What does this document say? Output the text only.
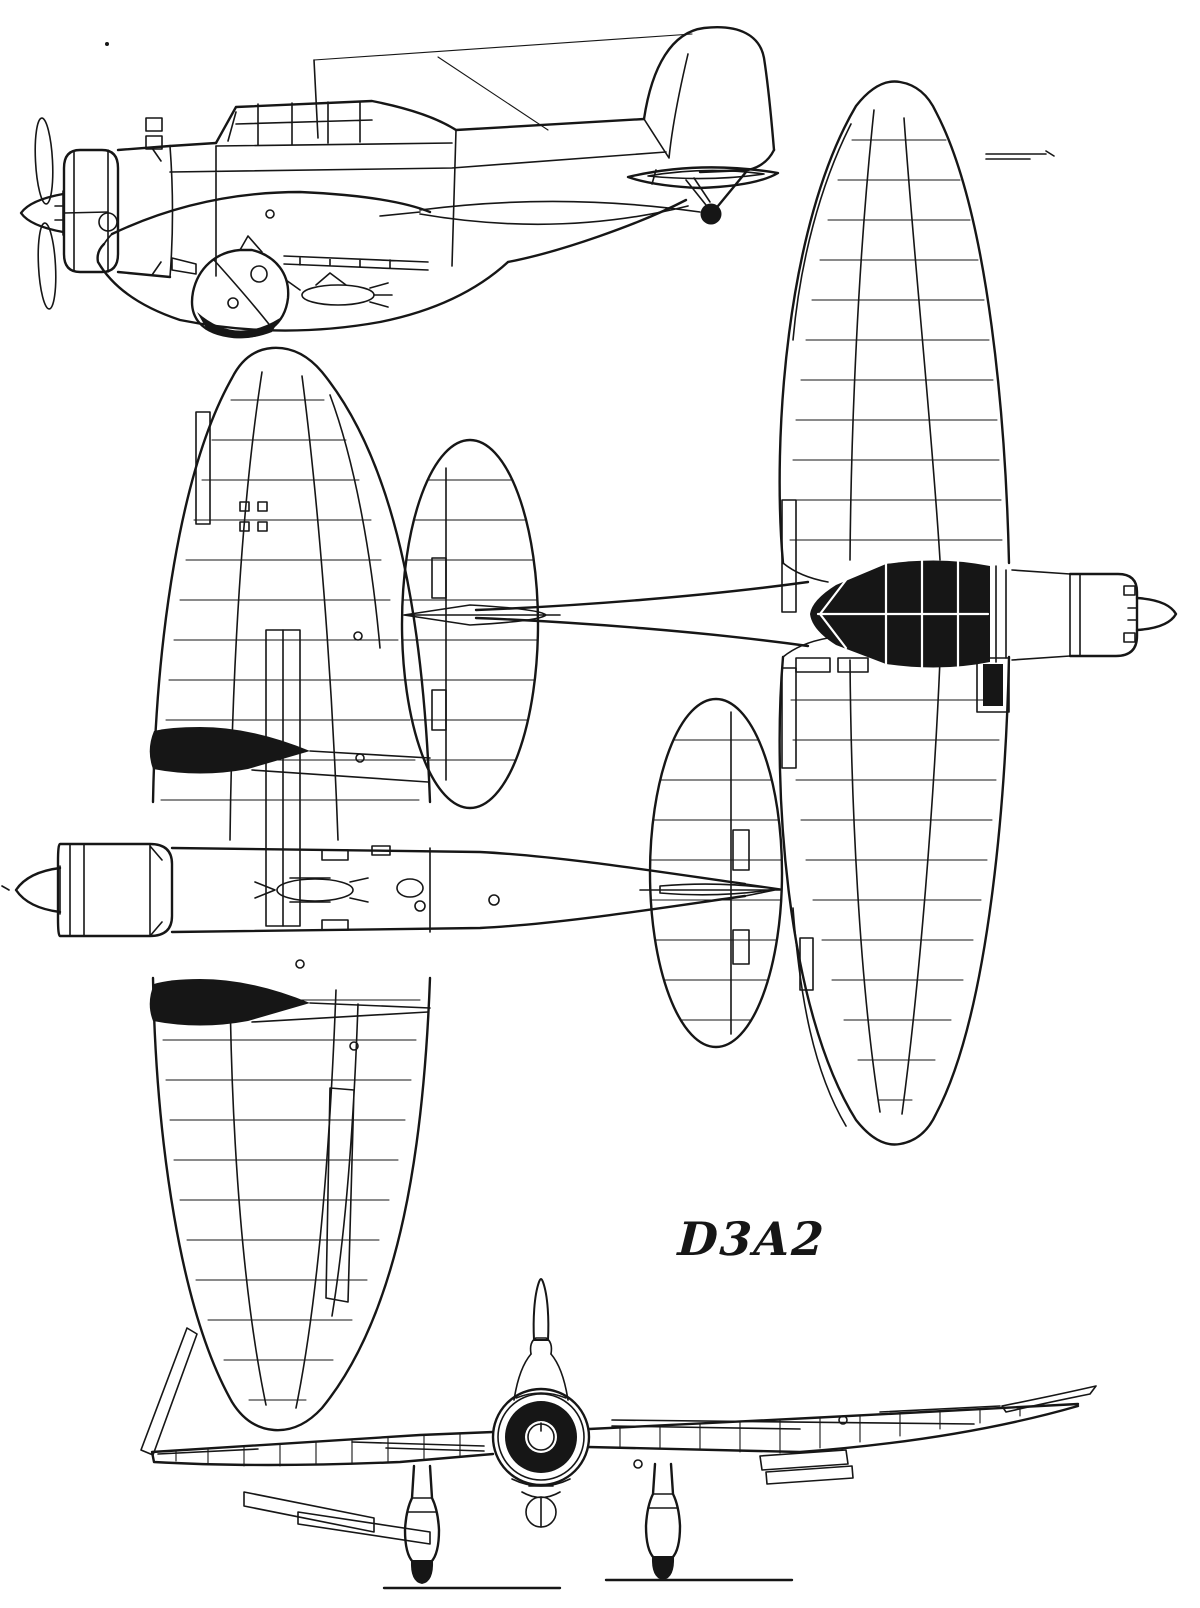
D3A2
